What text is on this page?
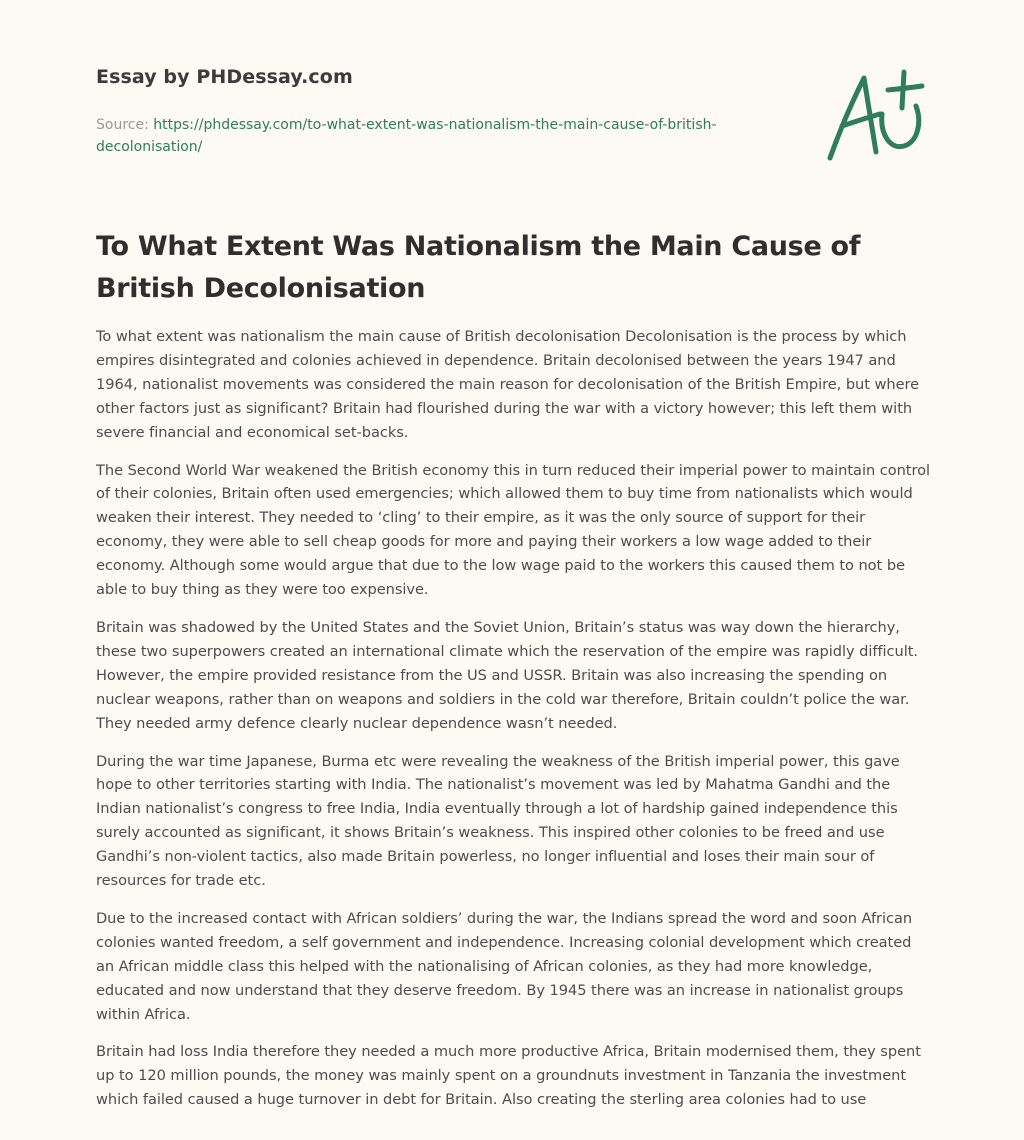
Essay by PHDessay.com
Source: https://phdessay.com/to-what-extent-was-nationalism-the-main-cause-of-british-decolonisation/
To What Extent Was Nationalism the Main Cause of British Decolonisation

To what extent was nationalism the main cause of British decolonisation Decolonisation is the process by which empires disintegrated and colonies achieved in dependence. Britain decolonised between the years 1947 and 1964, nationalist movements was considered the main reason for decolonisation of the British Empire, but where other factors just as significant? Britain had flourished during the war with a victory however; this left them with severe financial and economical set-backs.

The Second World War weakened the British economy this in turn reduced their imperial power to maintain control of their colonies, Britain often used emergencies; which allowed them to buy time from nationalists which would weaken their interest. They needed to ‘cling’ to their empire, as it was the only source of support for their economy, they were able to sell cheap goods for more and paying their workers a low wage added to their economy. Although some would argue that due to the low wage paid to the workers this caused them to not be able to buy thing as they were too expensive.

Britain was shadowed by the United States and the Soviet Union, Britain’s status was way down the hierarchy, these two superpowers created an international climate which the reservation of the empire was rapidly difficult. However, the empire provided resistance from the US and USSR. Britain was also increasing the spending on nuclear weapons, rather than on weapons and soldiers in the cold war therefore, Britain couldn’t police the war. They needed army defence clearly nuclear dependence wasn’t needed.

During the war time Japanese, Burma etc were revealing the weakness of the British imperial power, this gave hope to other territories starting with India. The nationalist’s movement was led by Mahatma Gandhi and the Indian nationalist’s congress to free India, India eventually through a lot of hardship gained independence this surely accounted as significant, it shows Britain’s weakness. This inspired other colonies to be freed and use Gandhi’s non-violent tactics, also made Britain powerless, no longer influential and loses their main sour of resources for trade etc.

Due to the increased contact with African soldiers’ during the war, the Indians spread the word and soon African colonies wanted freedom, a self government and independence. Increasing colonial development which created an African middle class this helped with the nationalising of African colonies, as they had more knowledge, educated and now understand that they deserve freedom. By 1945 there was an increase in nationalist groups within Africa.

Britain had loss India therefore they needed a much more productive Africa, Britain modernised them, they spent up to 120 million pounds, the money was mainly spent on a groundnuts investment in Tanzania the investment which failed caused a huge turnover in debt for Britain. Also creating the sterling area colonies had to use
